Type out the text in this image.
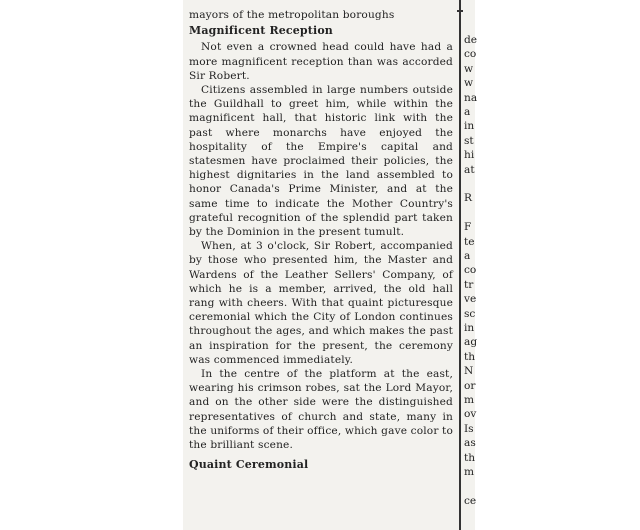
mayors of the metropolitan boroughs

Magnificent Reception

Not even a crowned head could have had a more magnificent reception than was accorded Sir Robert.

Citizens assembled in large numbers outside the Guildhall to greet him, while within the magnificent hall, that historic link with the past where monarchs have enjoyed the hospitality of the Empire's capital and statesmen have proclaimed their policies, the highest dignitaries in the land assembled to honor Canada's Prime Minister, and at the same time to indicate the Mother Country's grateful recognition of the splendid part taken by the Dominion in the present tumult.

When, at 3 o'clock, Sir Robert, accompanied by those who presented him, the Master and Wardens of the Leather Sellers' Company, of which he is a member, arrived, the old hall rang with cheers. With that quaint picturesque ceremonial which the City of London continues throughout the ages, and which makes the past an inspiration for the present, the ceremony was commenced immediately.

In the centre of the platform at the east, wearing his crimson robes, sat the Lord Mayor, and on the other side were the distinguished representatives of church and state, many in the uniforms of their office, which gave color to the brilliant scene.

Quaint Ceremonial

de
co
w
w
na
a
in
st
hi
at
R
F
te
a
co
tr
ve
sc
in
ag
th
N
or
m
ov
Is
as
th
m
ce
